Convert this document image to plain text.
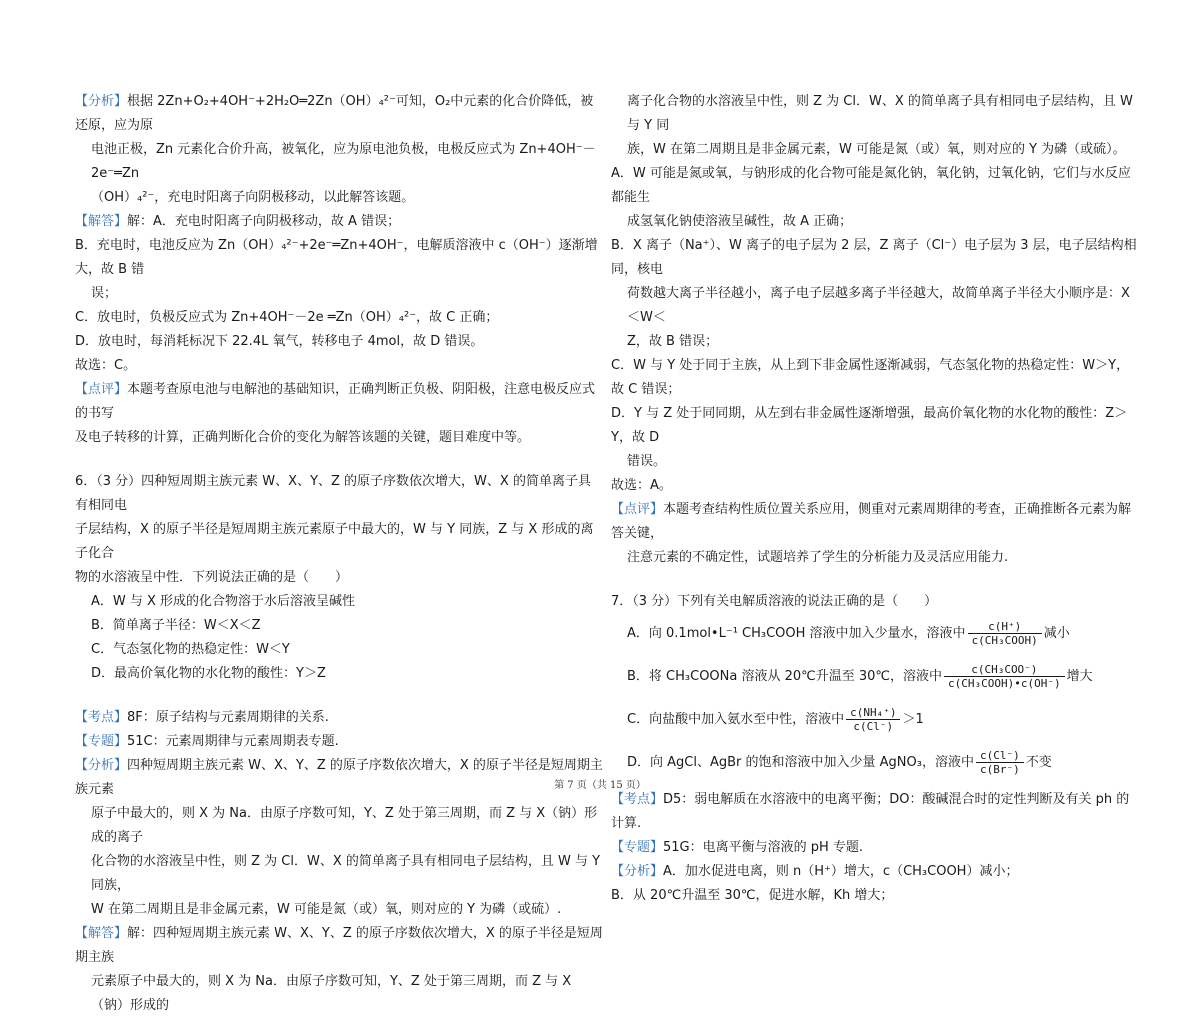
【分析】根据 2Zn+O₂+4OH⁻+2H₂O═2Zn（OH）₄²⁻可知，O₂中元素的化合价降低，被还原，应为原

电池正极，Zn 元素化合价升高，被氧化，应为原电池负极，电极反应式为 Zn+4OH⁻－2e⁻═Zn

（OH）₄²⁻，充电时阳离子向阴极移动，以此解答该题。

【解答】解：A．充电时阳离子向阴极移动，故 A 错误；

B．充电时，电池反应为 Zn（OH）₄²⁻+2e⁻═Zn+4OH⁻，电解质溶液中 c（OH⁻）逐渐增大，故 B 错

误；

C．放电时，负极反应式为 Zn+4OH⁻－2e ═Zn（OH）₄²⁻，故 C 正确；

D．放电时，每消耗标况下 22.4L 氧气，转移电子 4mol，故 D 错误。

故选：C。

【点评】本题考查原电池与电解池的基础知识，正确判断正负极、阴阳极，注意电极反应式的书写

及电子转移的计算，正确判断化合价的变化为解答该题的关键，题目难度中等。

6．（3 分）四种短周期主族元素 W、X、Y、Z 的原子序数依次增大，W、X 的简单离子具有相同电

子层结构，X 的原子半径是短周期主族元素原子中最大的，W 与 Y 同族，Z 与 X 形成的离子化合

物的水溶液呈中性．下列说法正确的是（　　）

A．W 与 X 形成的化合物溶于水后溶液呈碱性

B．简单离子半径：W＜X＜Z

C．气态氢化物的热稳定性：W＜Y

D．最高价氧化物的水化物的酸性：Y＞Z

【考点】8F：原子结构与元素周期律的关系.

【专题】51C：元素周期律与元素周期表专题.

【分析】四种短周期主族元素 W、X、Y、Z 的原子序数依次增大，X 的原子半径是短周期主族元素

原子中最大的，则 X 为 Na．由原子序数可知，Y、Z 处于第三周期，而 Z 与 X（钠）形成的离子

化合物的水溶液呈中性，则 Z 为 Cl．W、X 的简单离子具有相同电子层结构，且 W 与 Y 同族，

W 在第二周期且是非金属元素，W 可能是氮（或）氧，则对应的 Y 为磷（或硫）.

【解答】解：四种短周期主族元素 W、X、Y、Z 的原子序数依次增大，X 的原子半径是短周期主族

元素原子中最大的，则 X 为 Na．由原子序数可知，Y、Z 处于第三周期，而 Z 与 X（钠）形成的

离子化合物的水溶液呈中性，则 Z 为 Cl．W、X 的简单离子具有相同电子层结构，且 W 与 Y 同

族，W 在第二周期且是非金属元素，W 可能是氮（或）氧，则对应的 Y 为磷（或硫）。

A．W 可能是氮或氧，与钠形成的化合物可能是氮化钠，氧化钠，过氧化钠，它们与水反应都能生

成氢氧化钠使溶液呈碱性，故 A 正确；

B．X 离子（Na⁺）、W 离子的电子层为 2 层，Z 离子（Cl⁻）电子层为 3 层，电子层结构相同，核电

荷数越大离子半径越小，离子电子层越多离子半径越大，故简单离子半径大小顺序是：X＜W＜

Z，故 B 错误；

C．W 与 Y 处于同于主族，从上到下非金属性逐渐减弱，气态氢化物的热稳定性：W＞Y，故 C 错误；

D．Y 与 Z 处于同同期，从左到右非金属性逐渐增强，最高价氧化物的水化物的酸性：Z＞Y，故 D

错误。

故选：A。

【点评】本题考查结构性质位置关系应用，侧重对元素周期律的考查，正确推断各元素为解答关键，

注意元素的不确定性，试题培养了学生的分析能力及灵活应用能力.

7．（3 分）下列有关电解质溶液的说法正确的是（　　）

A．向 0.1mol•L⁻¹ CH₃COOH 溶液中加入少量水，溶液中 $\frac{c(H^+)}{\text{c(CH₃COOH)}}$ 减小

B．将 CH₃COONa 溶液从 20℃升温至 30℃，溶液中 $\frac{\text{c(CH₃COO⁻)}}{\text{c(CH₃COOH)•c(OH⁻)}}$ 增大

C．向盐酸中加入氨水至中性，溶液中 $\frac{\text{c(NH₄⁺)}}{c(Cl^-)} >1$

D．向 AgCl、AgBr 的饱和溶液中加入少量 AgNO₃，溶液中 $\frac{c(Cl^-)}{c(Br^-)}$ 不变

【考点】D5：弱电解质在水溶液中的电离平衡；DO：酸碱混合时的定性判断及有关 ph 的计算.

【专题】51G：电离平衡与溶液的 pH 专题.

【分析】A．加水促进电离，则 n（H⁺）增大，c（CH₃COOH）减小；

B．从 20℃升温至 30℃，促进水解，Kh 增大；

第 7 页（共 15 页）
